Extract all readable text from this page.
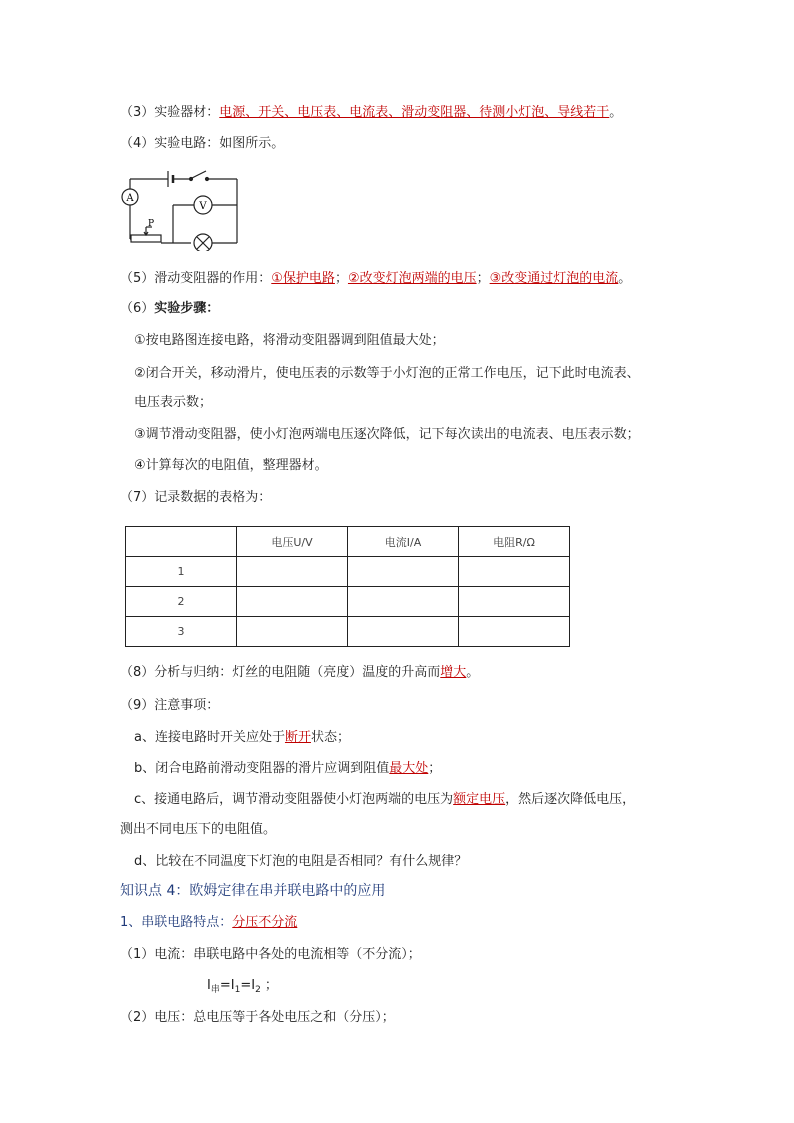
（3）实验器材：电源、开关、电压表、电流表、滑动变阻器、待测小灯泡、导线若干。
（4）实验电路：如图所示。
A
V
P
（5）滑动变阻器的作用：①保护电路；②改变灯泡两端的电压；③改变通过灯泡的电流。
（6）实验步骤：
①按电路图连接电路，将滑动变阻器调到阻值最大处；
②闭合开关，移动滑片，使电压表的示数等于小灯泡的正常工作电压，记下此时电流表、
电压表示数；
③调节滑动变阻器，使小灯泡两端电压逐次降低，记下每次读出的电流表、电压表示数；
④计算每次的电阻值，整理器材。
（7）记录数据的表格为：
	电压U/V	电流I/A	电阻R/Ω
1			
2			
3			
（8）分析与归纳：灯丝的电阻随（亮度）温度的升高而增大。
（9）注意事项：
a、连接电路时开关应处于断开状态；
b、闭合电路前滑动变阻器的滑片应调到阻值最大处；
c、接通电路后，调节滑动变阻器使小灯泡两端的电压为额定电压，然后逐次降低电压，
测出不同电压下的电阻值。
d、比较在不同温度下灯泡的电阻是否相同？有什么规律？
知识点 4：欧姆定律在串并联电路中的应用
1、串联电路特点：分压不分流
（1）电流：串联电路中各处的电流相等（不分流）；
$I_串=I_1=I_2$ ；
（2）电压：总电压等于各处电压之和（分压）；
